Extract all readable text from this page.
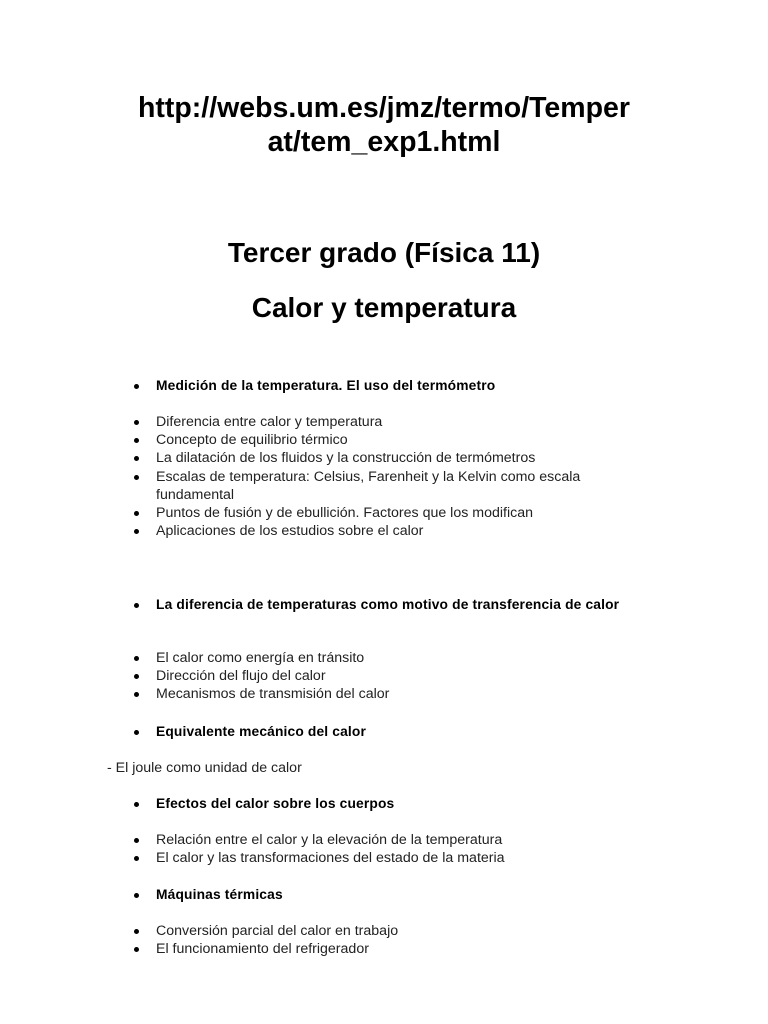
http://webs.um.es/jmz/termo/Temper
at/tem_exp1.html
Tercer grado (Física 11)
Calor y temperatura
Medición de la temperatura. El uso del termómetro
Diferencia entre calor y temperatura
Concepto de equilibrio térmico
La dilatación de los fluidos y la construcción de termómetros
Escalas de temperatura: Celsius, Farenheit y la Kelvin como escala fundamental
Puntos de fusión y de ebullición. Factores que los modifican
Aplicaciones de los estudios sobre el calor
La diferencia de temperaturas como motivo de transferencia de calor
El calor como energía en tránsito
Dirección del flujo del calor
Mecanismos de transmisión del calor
Equivalente mecánico del calor

- El joule como unidad de calor

Efectos del calor sobre los cuerpos
Relación entre el calor y la elevación de la temperatura
El calor y las transformaciones del estado de la materia
Máquinas térmicas
Conversión parcial del calor en trabajo
El funcionamiento del refrigerador
